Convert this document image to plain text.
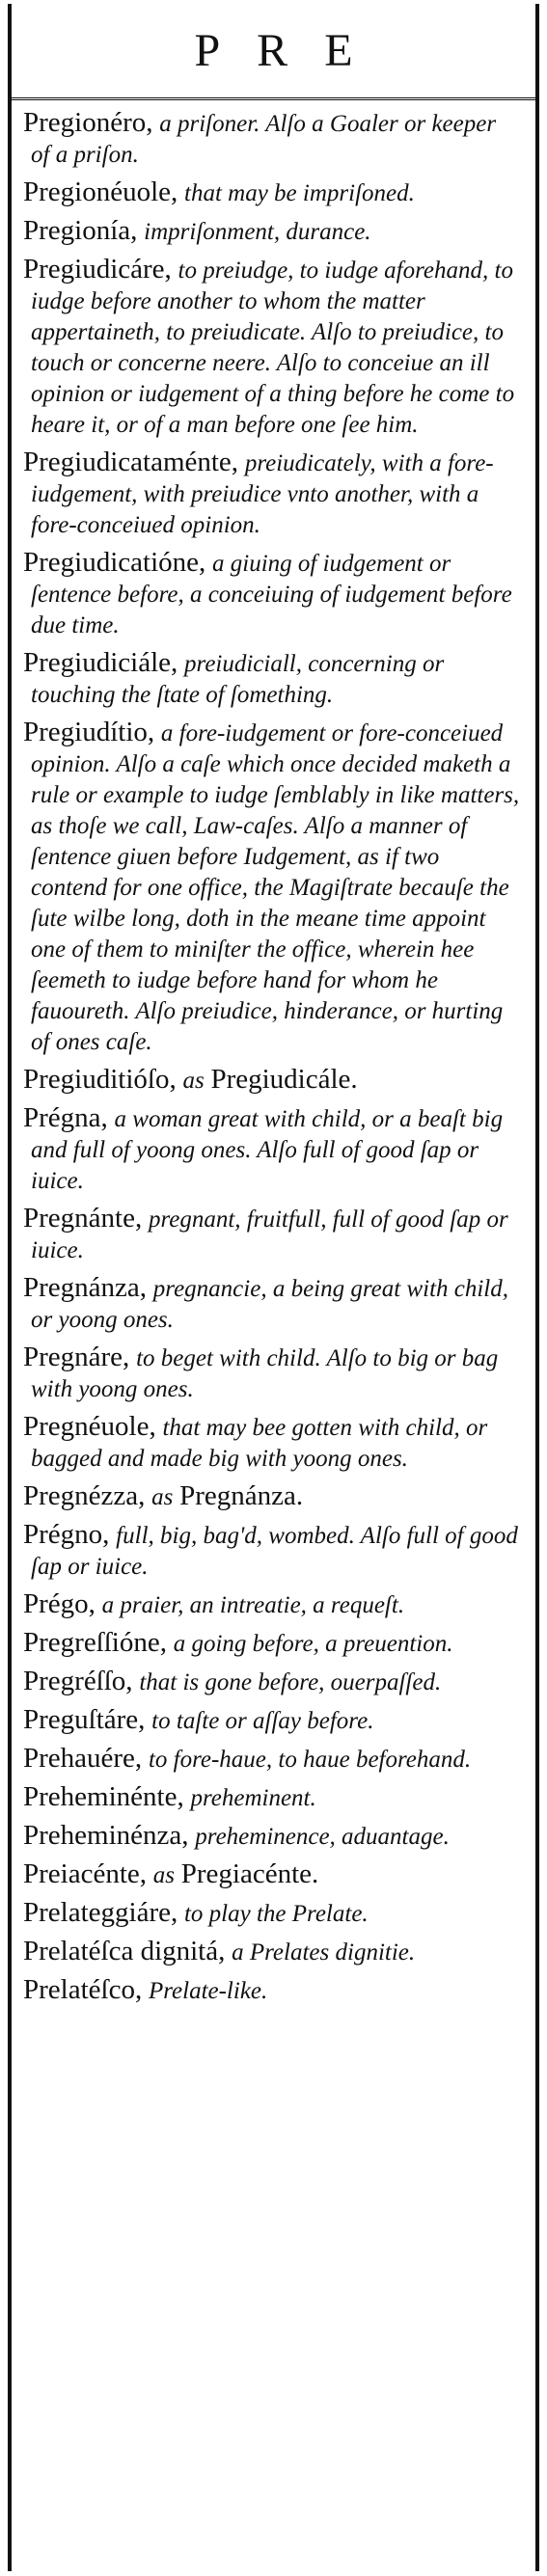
PRE

Pregionéro, a priſoner. Alſo a Goaler or keeper of a priſon.

Pregionéuole, that may be impriſoned.

Pregionía, impriſonment, durance.

Pregiudicáre, to preiudge, to iudge aforehand, to iudge before another to whom the matter appertaineth, to preiudicate. Alſo to preiudice, to touch or concerne neere. Alſo to conceiue an ill opinion or iudgement of a thing before he come to heare it, or of a man before one ſee him.

Pregiudicataménte, preiudicately, with a fore-iudgement, with preiudice vnto another, with a fore-conceiued opinion.

Pregiudicatióne, a giuing of iudgement or ſentence before, a conceiuing of iudgement before due time.

Pregiudiciále, preiudiciall, concerning or touching the ſtate of ſomething.

Pregiudítio, a fore-iudgement or fore-conceiued opinion. Alſo a caſe which once decided maketh a rule or example to iudge ſemblably in like matters, as thoſe we call, Law-caſes. Alſo a manner of ſentence giuen before Iudgement, as if two contend for one office, the Magiſtrate becauſe the ſute wilbe long, doth in the meane time appoint one of them to miniſter the office, wherein hee ſeemeth to iudge before hand for whom he fauoureth. Alſo preiudice, hinderance, or hurting of ones caſe.

Pregiuditióſo, as Pregiudicále.

Prégna, a woman great with child, or a beaſt big and full of yoong ones. Alſo full of good ſap or iuice.

Pregnánte, pregnant, fruitfull, full of good ſap or iuice.

Pregnánza, pregnancie, a being great with child, or yoong ones.

Pregnáre, to beget with child. Alſo to big or bag with yoong ones.

Pregnéuole, that may bee gotten with child, or bagged and made big with yoong ones.

Pregnézza, as Pregnánza.

Prégno, full, big, bag'd, wombed. Alſo full of good ſap or iuice.

Prégo, a praier, an intreatie, a requeſt.

Pregreſſióne, a going before, a preuention.

Pregréſſo, that is gone before, ouerpaſſed.

Preguſtáre, to taſte or aſſay before.

Prehauére, to fore-haue, to haue beforehand.

Preheminénte, preheminent.

Preheminénza, preheminence, aduantage.

Preiacénte, as Pregiacénte.

Prelateggiáre, to play the Prelate.

Prelatéſca dignitá, a Prelates dignitie.

Prelatéſco, Prelate-like.
